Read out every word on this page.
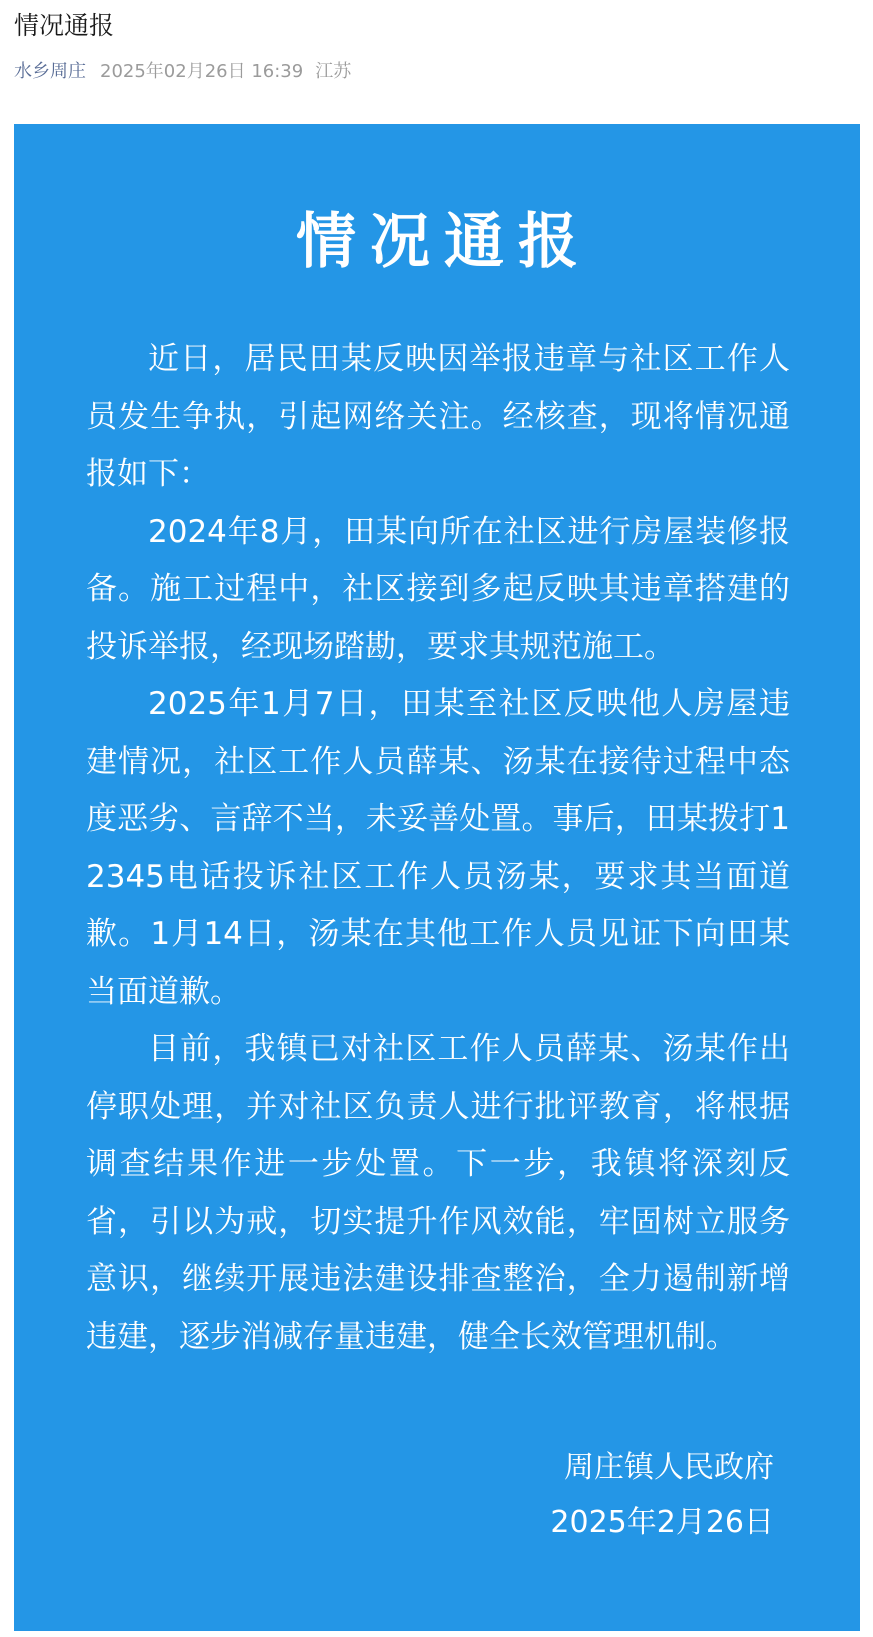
情况通报
水乡周庄 2025年02月26日 16:39 江苏
情况通报

近日，居民田某反映因举报违章与社区工作人员发生争执，引起网络关注。经核查，现将情况通报如下：

2024年8月，田某向所在社区进行房屋装修报备。施工过程中，社区接到多起反映其违章搭建的投诉举报，经现场踏勘，要求其规范施工。

2025年1月7日，田某至社区反映他人房屋违建情况，社区工作人员薛某、汤某在接待过程中态度恶劣、言辞不当，未妥善处置。事后，田某拨打12345电话投诉社区工作人员汤某，要求其当面道歉。1月14日，汤某在其他工作人员见证下向田某当面道歉。

目前，我镇已对社区工作人员薛某、汤某作出停职处理，并对社区负责人进行批评教育，将根据调查结果作进一步处置。下一步，我镇将深刻反省，引以为戒，切实提升作风效能，牢固树立服务意识，继续开展违法建设排查整治，全力遏制新增违建，逐步消减存量违建，健全长效管理机制。

周庄镇人民政府
2025年2月26日
